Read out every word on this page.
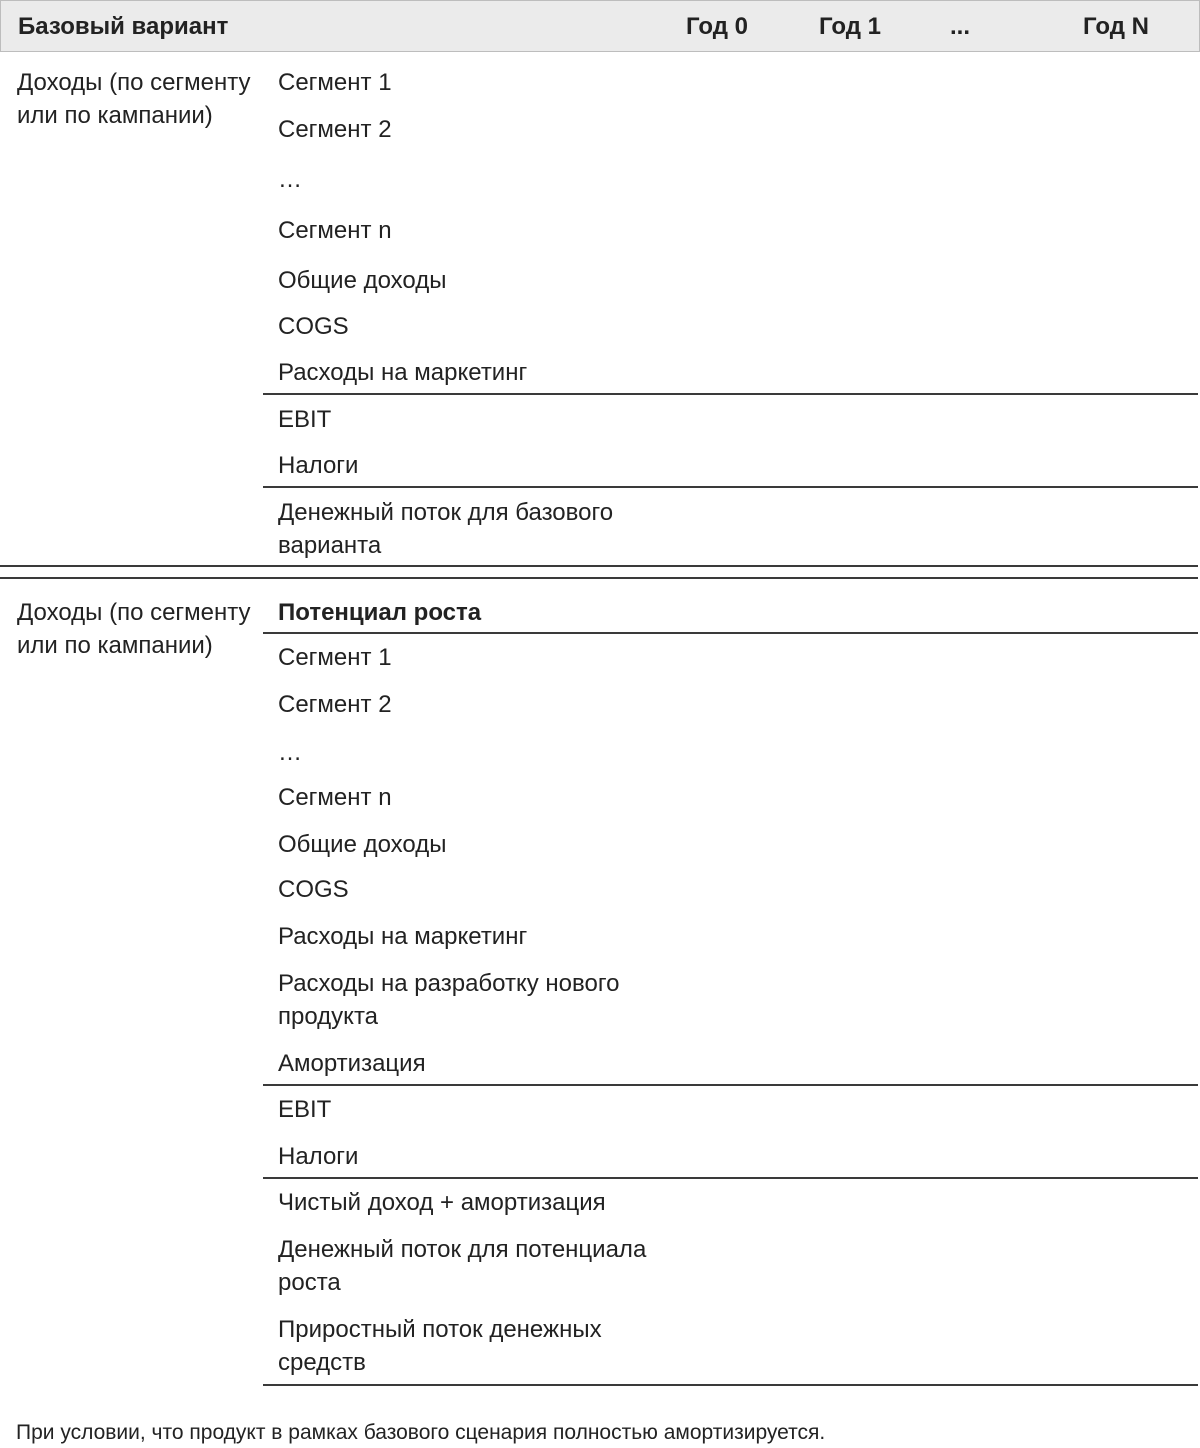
Базовый вариант	Год 0	Год 1	...	Год N
Доходы (по сегменту
или по кампании)
Сегмент 1
Сегмент 2
…
Сегмент n
Общие доходы
COGS
Расходы на маркетинг
EBIT
Налоги
Денежный поток для базового
варианта
Доходы (по сегменту
или по кампании)
Потенциал роста
Сегмент 1
Сегмент 2
…
Сегмент n
Общие доходы
COGS
Расходы на маркетинг
Расходы на разработку нового
продукта
Амортизация
EBIT
Налоги
Чистый доход + амортизация
Денежный поток для потенциала
роста
Приростный поток денежных
средств
При условии, что продукт в рамках базового сценария полностью амортизируется.
